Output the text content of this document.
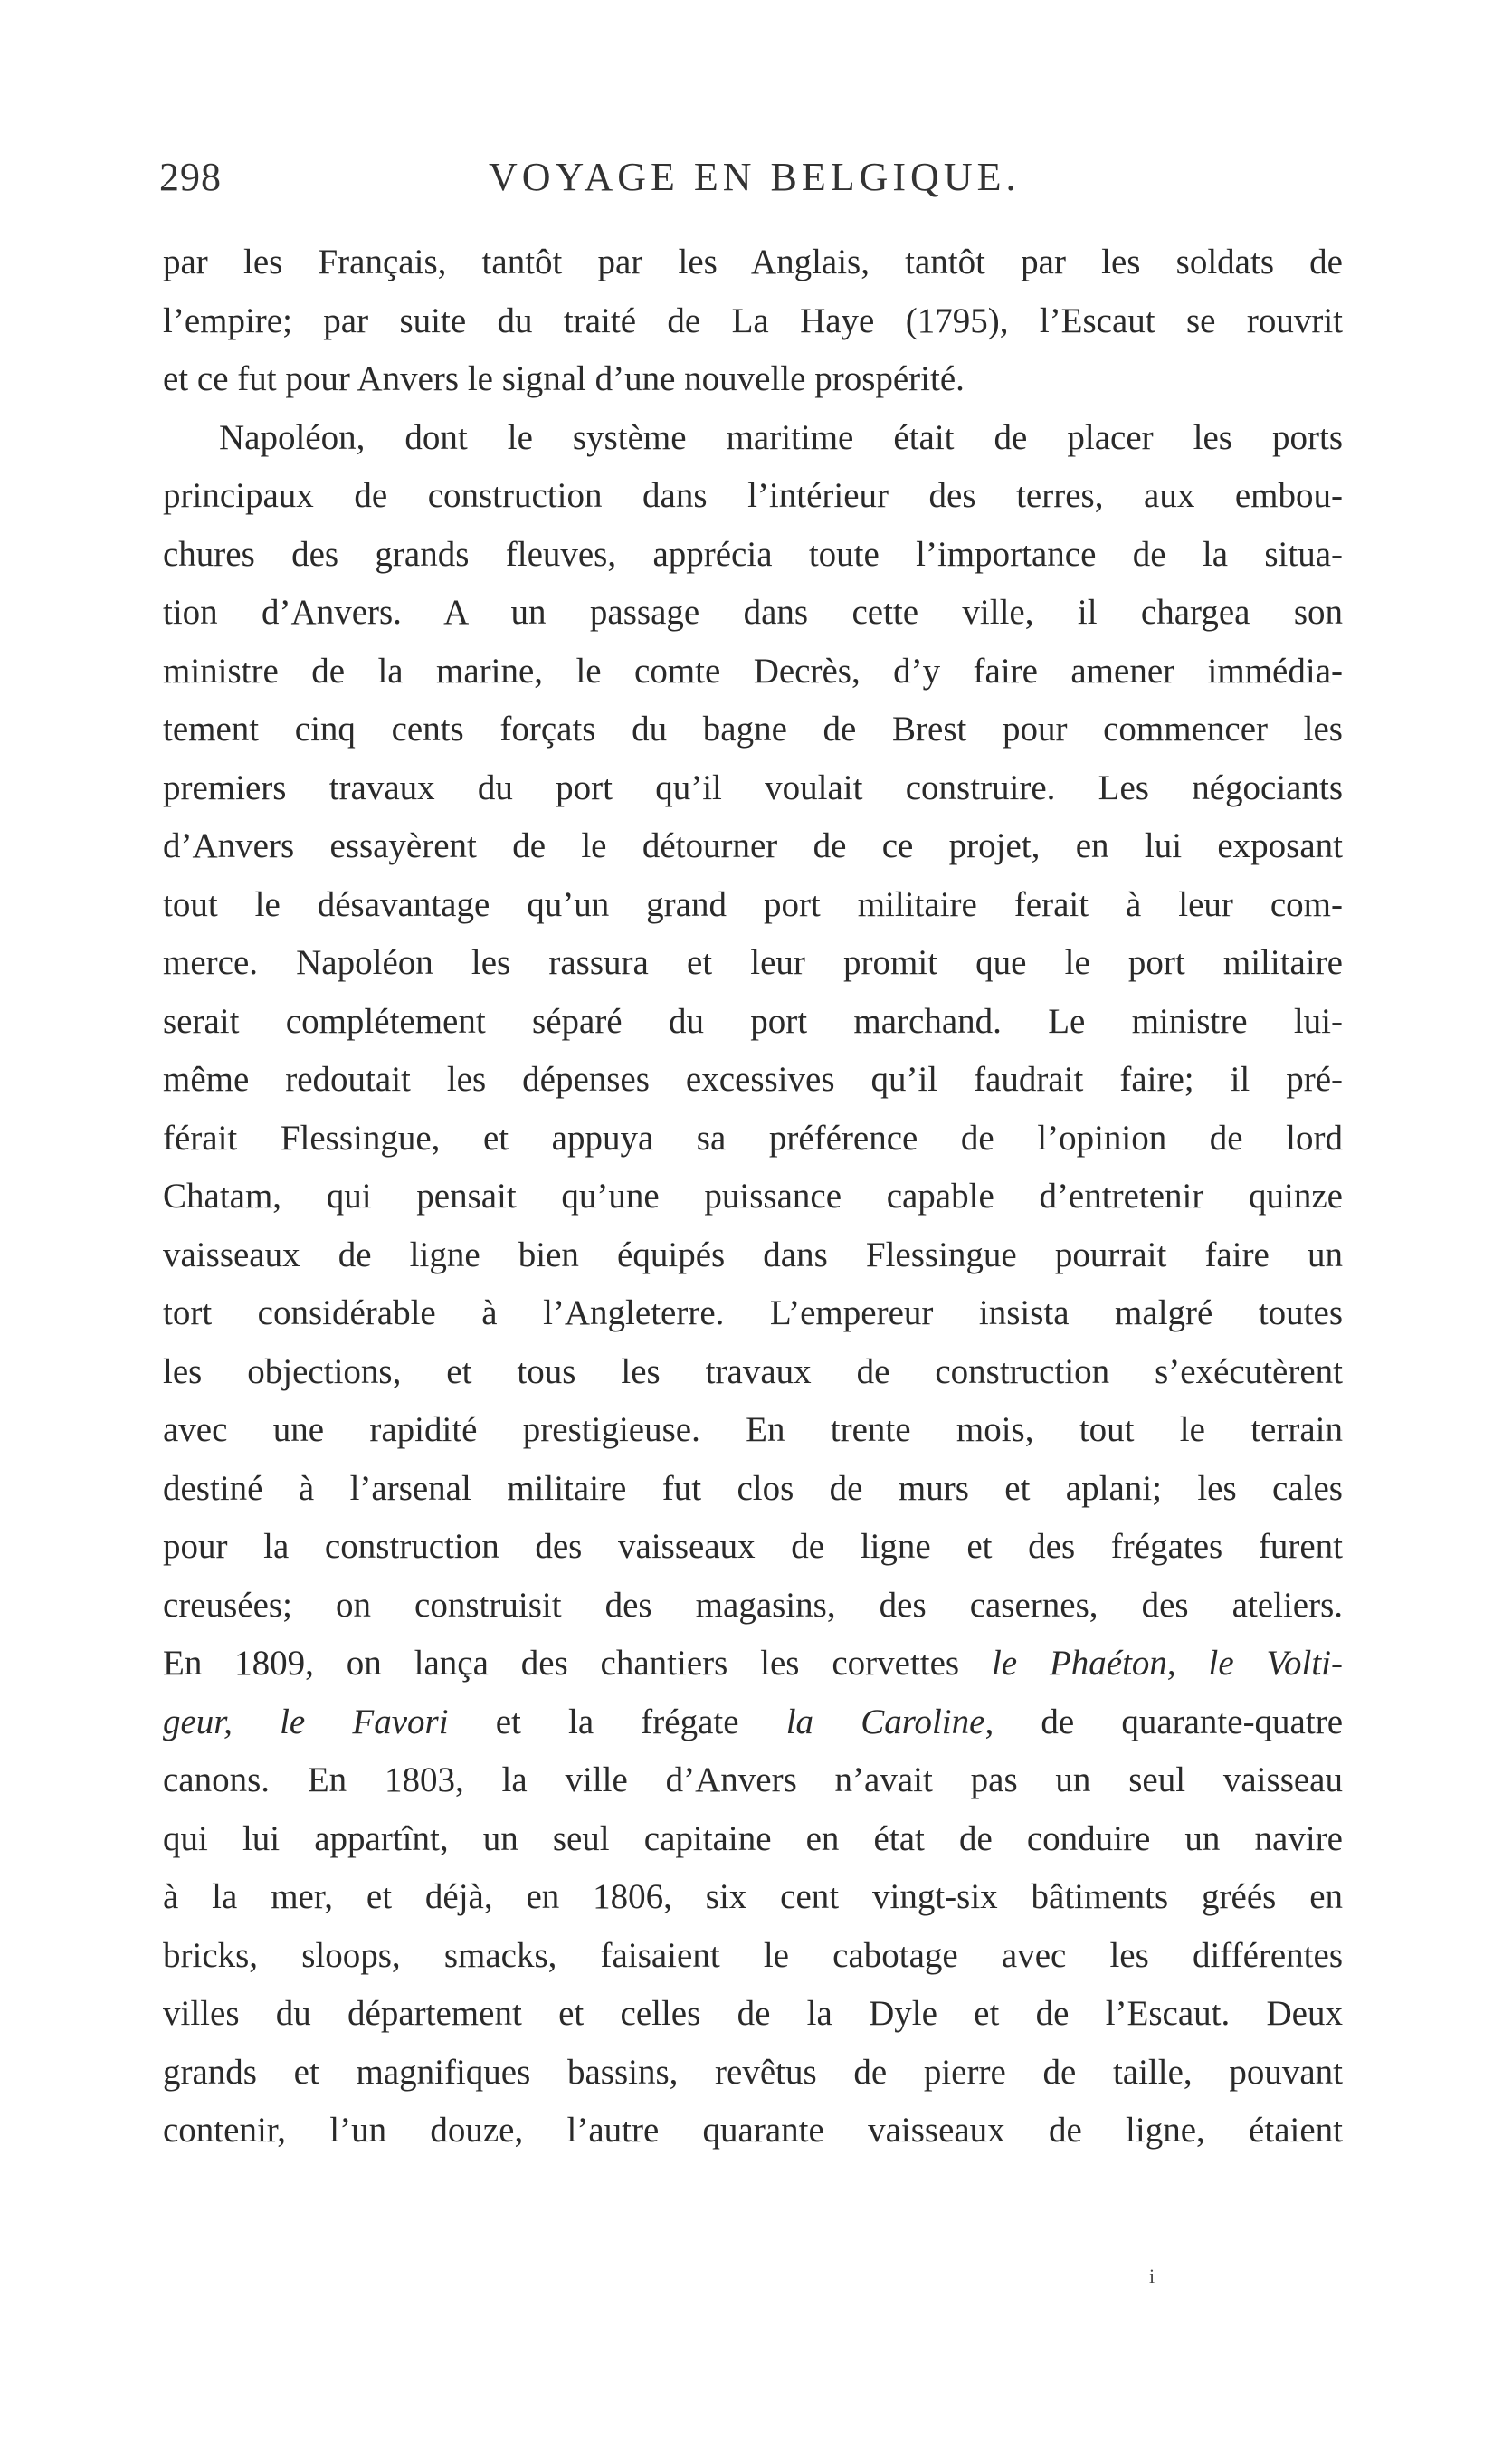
298	VOYAGE EN BELGIQUE.
par les Français, tantôt par les Anglais, tantôt par les soldats de
l’empire; par suite du traité de La Haye (1795), l’Escaut se rouvrit
et ce fut pour Anvers le signal d’une nouvelle prospérité.
Napoléon, dont le système maritime était de placer les ports
principaux de construction dans l’intérieur des terres, aux embou-
chures des grands fleuves, apprécia toute l’importance de la situa-
tion d’Anvers. A un passage dans cette ville, il chargea son
ministre de la marine, le comte Decrès, d’y faire amener immédia-
tement cinq cents forçats du bagne de Brest pour commencer les
premiers travaux du port qu’il voulait construire. Les négociants
d’Anvers essayèrent de le détourner de ce projet, en lui exposant
tout le désavantage qu’un grand port militaire ferait à leur com-
merce. Napoléon les rassura et leur promit que le port militaire
serait complétement séparé du port marchand. Le ministre lui-
même redoutait les dépenses excessives qu’il faudrait faire; il pré-
férait Flessingue, et appuya sa préférence de l’opinion de lord
Chatam, qui pensait qu’une puissance capable d’entretenir quinze
vaisseaux de ligne bien équipés dans Flessingue pourrait faire un
tort considérable à l’Angleterre. L’empereur insista malgré toutes
les objections, et tous les travaux de construction s’exécutèrent
avec une rapidité prestigieuse. En trente mois, tout le terrain
destiné à l’arsenal militaire fut clos de murs et aplani; les cales
pour la construction des vaisseaux de ligne et des frégates furent
creusées; on construisit des magasins, des casernes, des ateliers.
En 1809, on lança des chantiers les corvettes le Phaéton, le Volti-
geur, le Favori et la frégate la Caroline, de quarante-quatre
canons. En 1803, la ville d’Anvers n’avait pas un seul vaisseau
qui lui appartînt, un seul capitaine en état de conduire un navire
à la mer, et déjà, en 1806, six cent vingt-six bâtiments gréés en
bricks, sloops, smacks, faisaient le cabotage avec les différentes
villes du département et celles de la Dyle et de l’Escaut. Deux
grands et magnifiques bassins, revêtus de pierre de taille, pouvant
contenir, l’un douze, l’autre quarante vaisseaux de ligne, étaient
i
